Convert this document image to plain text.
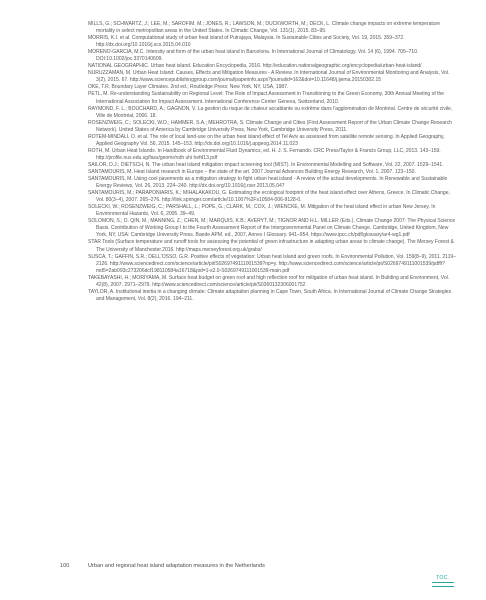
MILLS, G.; SCHWARTZ, J.; LEE, M.; SAROFIM, M.; JONES, R.; LAWSON, M.; DUCKWORTH, M.; DECK, L. Climate change impacts on extreme temperature mortality in select metropolitan areas in the United States. In Climatic Change, Vol. 131(1), 2015. 83–95.

MORRIS, K.I. et al. Computational study of urban heat island of Putrajaya, Malaysia. In Sustainable Cities and Society, Vol. 19, 2015. 359–372. http://dx.doi.org/10.1016/j.scs.2015.04.010

MORENO-GARCIA, M.C. Intensity and form of the urban heat island in Barcelona. In International Journal of Climatology, Vol. 14 (6), 1994. 705–710. DOI:10.1002/joc.3370140609.

NATIONAL GEOGRAPHIC. Urban heat island. Education Encyclopedia, 2016. http://education.nationalgeographic.org/encyclopedia/urban-heat-island/

NURUZZAMAN, M. Urban Heat Island: Causes, Effects and Mitigation Measures - A Review. In International Journal of Environmental Monitoring and Analysis, Vol. 3(2), 2015. 67. http://www.sciencepublishinggroup.com/journal/paperinfo.aspx?journalid=162&doi=10.11648/j.ijema.20150302.15

OKE, T.R. Boundary Layer Climates. 2nd ed.; Routledge Press: New York, NY, USA, 1987.

PETL, M. Re-understanding Sustainability on Regional Level: The Role of Impact Assessment in Transitioning to the Green Economy, 30th Annual Meeting of the International Association for Impact Assessment. International Conference Center Geneva, Switzerland, 2010.

RAYMOND, F. L.; BOUCHARD, A.; GAGNON, V. La gestion du risque de chaleur accablante ou extrême dans l'agglomération de Montréal. Centre de sécurité civile, Ville de Montréal, 2006. 18.

ROSENZWEIG, C.; SOLECKI, W.D.; HAMMER, S.A.; MEHROTRA, S. Climate Change and Cities (First Assessment Report of the Urban Climate Change Research Network). United States of America by Cambridge University Press, New York, Cambridge University Press, 2011.

ROTEM-MINDALI, O. et al. The role of local land-use on the urban heat island effect of Tel Aviv as assessed from satellite remote sensing. In Applied Geography, Applied Geography Vol. 56, 2015. 145–153. http://dx.doi.org/10.1016/j.apgeog.2014.11.023

ROTH, M. Urban Heat Islands. In Handbook of Environmental Fluid Dynamics, ed. H. J. S. Fernando. CRC Press/Taylor & Francis Group, LLC, 2013. 143–159. http://profile.nus.edu.sg/fass/geomr/roth uhi hefd13.pdf

SAILOR, D.J.; DIETSCH, N. The urban heat island mitigation impact screening tool (MIST). In Environmental Modelling and Software, Vol. 22, 2007. 1529–1541.

SANTAMOURIS, M. Heat Island research in Europe – the state of the art. 2007 Journal Advances Building Energy Research, Vol. 1, 2007. 123–150.

SANTAMOURIS, M. Using cool pavements as a mitigation strategy to fight urban heat island - A review of the actual developments. In Renewable and Sustainable Energy Reviews, Vol. 26, 2013. 224–240. http://dx.doi.org/10.1016/j.rser.2013.05.047

SANTAMOURIS, M.; PARAPONIARIS, K.; MIHALAKAKOU, G. Estimating the ecological footprint of the heat island effect over Athens, Greece. In Climatic Change, Vol. 80(3–4), 2007. 265–276. http://link.springer.com/article/10.1007%2Fs10584-006-9128-0.

SOLECKI, W.; ROSENZWEIG, C.; PARSHALL, L.; POPE, G.; CLARK, M.; COX, J.; WIENCKE, M. Mitigation of the heat island effect in urban New Jersey. In Environmental Hazards, Vol. 6, 2005. 39–49.

SOLOMON, S.; D. QIN, M.; MANNING, Z.; CHEN, M.; MARQUIS, K.B.; AVERYT, M.; TIGNOR AND H.L. MILLER (Eds.). Climate Change 2007: The Physical Science Basis. Contribution of Working Group I to the Fourth Assessment Report of the Intergovernmental Panel on Climate Change. Cambridge, United Kingdom, New York, NY, USA: Cambridge University Press. Baede APM. ed., 2007, Annex I Glossary. 941–954. https://www.ipcc.ch/pdf/glossary/ar4-wg1.pdf

STAR Tools (Surface temperature and runoff tools for assessing the potential of green infrastructure in adapting urban areas to climate change). The Mersey Forest & The University of Manchester.2016. http://maps.merseyforest.org.uk/grabs/

SUSCA, T.; GAFFIN, S.R.; DELL'OSSO, G.R. Positive effects of vegetation: Urban heat island and green roofs. In Environmental Pollution, Vol. 159(8–9), 2011. 2119–2126. http://www.sciencedirect.com/science/article/pii/S0269749111001539?np=y. http://www.sciencedirect.com/science/article/pii/S0269749111001539/pdfft?md5=2ab093c273206dcf198110584a16718&pid=1-s2.0-S0269749111001539-main.pdf

TAKEBAYASHI, H.; MORIYAMA, M. Surface heat budget on green roof and high reflection roof for mitigation of urban heat island. In Building and Environment, Vol. 42(8), 2007. 2971–2979. http://www.sciencedirect.com/science/article/pii/S0360132306001752

TAYLOR, A. Institutional inertia in a changing climate: Climate adaptation planning in Cape Town, South Africa. In International Journal of Climate Change Strategies and Management, Vol. 8(2), 2016. 194–211.

100	Urban and regional heat island adaptation measures in the Netherlands
TOC
